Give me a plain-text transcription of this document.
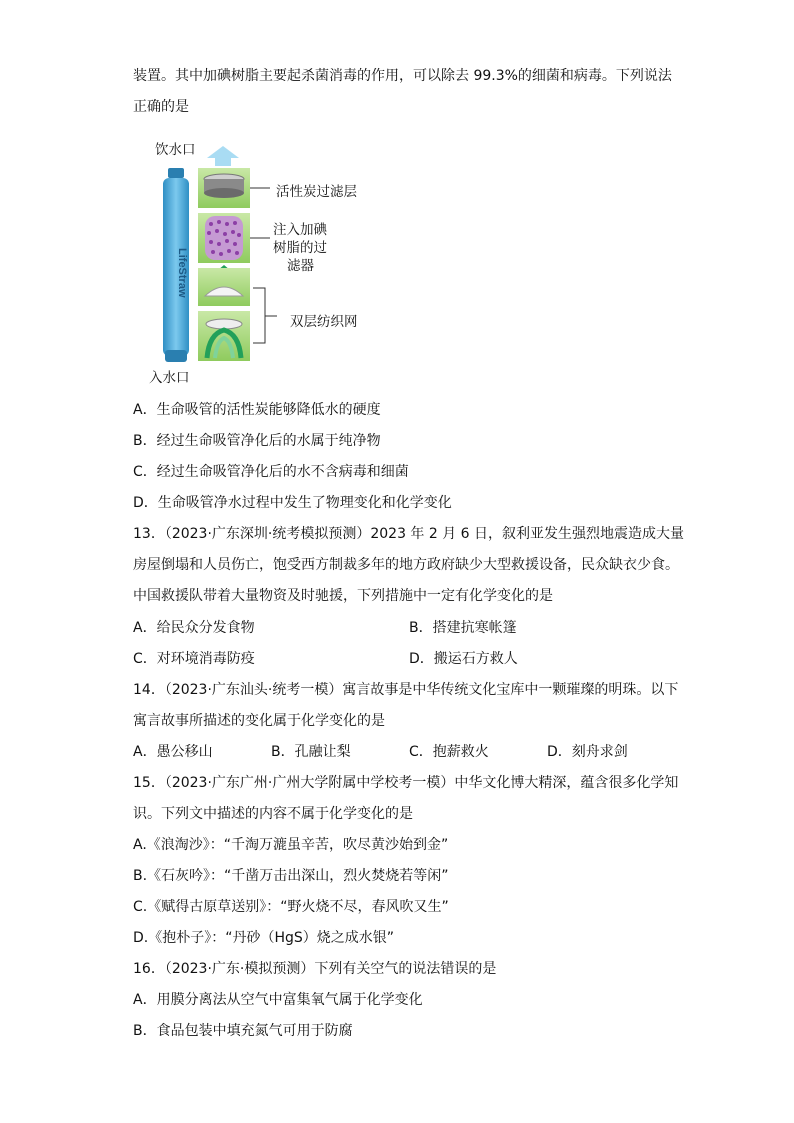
装置。其中加碘树脂主要起杀菌消毒的作用，可以除去 99.3%的细菌和病毒。下列说法
正确的是
饮水口
入水口
LifeStraw
活性炭过滤层
注入加碘
树脂的过
滤器
双层纺织网
A．生命吸管的活性炭能够降低水的硬度
B．经过生命吸管净化后的水属于纯净物
C．经过生命吸管净化后的水不含病毒和细菌
D．生命吸管净水过程中发生了物理变化和化学变化
13．（2023·广东深圳·统考模拟预测）2023 年 2 月 6 日，叙利亚发生强烈地震造成大量
房屋倒塌和人员伤亡，饱受西方制裁多年的地方政府缺少大型救援设备，民众缺衣少食。
中国救援队带着大量物资及时驰援，下列措施中一定有化学变化的是
A．给民众分发食物	B．搭建抗寒帐篷
C．对环境消毒防疫	D．搬运石方救人
14．（2023·广东汕头·统考一模）寓言故事是中华传统文化宝库中一颗璀璨的明珠。以下
寓言故事所描述的变化属于化学变化的是
A．愚公移山	B．孔融让梨	C．抱薪救火	D．刻舟求剑
15．（2023·广东广州·广州大学附属中学校考一模）中华文化博大精深，蕴含很多化学知
识。下列文中描述的内容不属于化学变化的是
A.《浪淘沙》：“千淘万漉虽辛苦，吹尽黄沙始到金”
B.《石灰吟》：“千凿万击出深山，烈火焚烧若等闲”
C.《赋得古原草送别》：“野火烧不尽，春风吹又生”
D.《抱朴子》：“丹砂（HgS）烧之成水银”
16．（2023·广东·模拟预测）下列有关空气的说法错误的是
A．用膜分离法从空气中富集氧气属于化学变化
B．食品包装中填充氮气可用于防腐
